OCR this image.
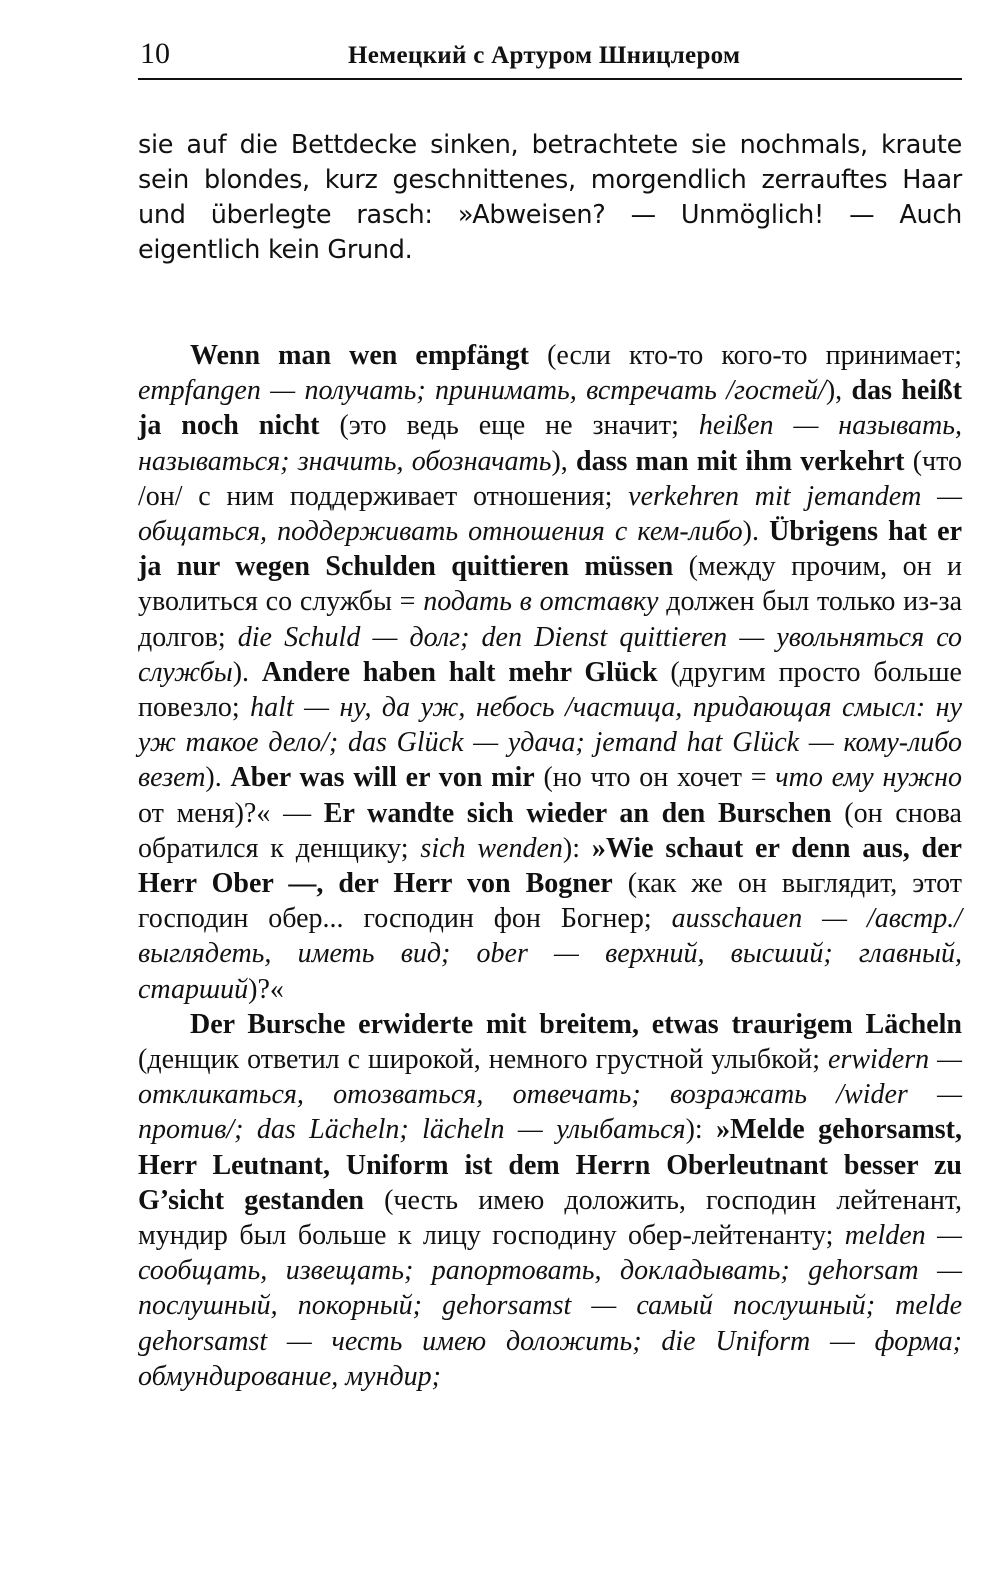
10	Немецкий с Артуром Шницлером

sie auf die Bettdecke sinken, betrachtete sie nochmals, kraute sein blondes, kurz geschnittenes, morgendlich zerrauftes Haar und überlegte rasch: »Abweisen? — Unmöglich! — Auch eigentlich kein Grund.

Wenn man wen empfängt (если кто-то кого-то принимает; empfangen — получать; принимать, встречать /гостей/), das heißt ja noch nicht (это ведь еще не значит; heißen — называть, называться; значить, обозначать), dass man mit ihm verkehrt (что /он/ с ним поддерживает отношения; verkehren mit jemandem — общаться, поддерживать отношения с кем-либо). Übrigens hat er ja nur wegen Schulden quittieren müssen (между прочим, он и уволиться со службы = подать в отставку должен был только из-за долгов; die Schuld — долг; den Dienst quittieren — увольняться со службы). Andere haben halt mehr Glück (другим просто больше повезло; halt — ну, да уж, небось /частица, придающая смысл: ну уж такое дело/; das Glück — удача; jemand hat Glück — кому-либо везет). Aber was will er von mir (но что он хочет = что ему нужно от меня)?« — Er wandte sich wieder an den Burschen (он снова обратился к денщику; sich wenden): »Wie schaut er denn aus, der Herr Ober —, der Herr von Bogner (как же он выглядит, этот господин обер... господин фон Богнер; ausschauen — /австр./ выглядеть, иметь вид; ober — верхний, высший; главный, старший)?«

Der Bursche erwiderte mit breitem, etwas traurigem Lächeln (денщик ответил с широкой, немного грустной улыбкой; erwidern — откликаться, отозваться, отвечать; возражать /wider — против/; das Lächeln; lächeln — улыбаться): »Melde gehorsamst, Herr Leutnant, Uniform ist dem Herrn Oberleutnant besser zu G’sicht gestanden (честь имею доложить, господин лейтенант, мундир был больше к лицу господину обер-лейтенанту; melden — сообщать, извещать; рапортовать, докладывать; gehorsam — послушный, покорный; gehorsamst — самый послушный; melde gehorsamst — честь имею доложить; die Uniform — форма; обмундирование, мундир;
